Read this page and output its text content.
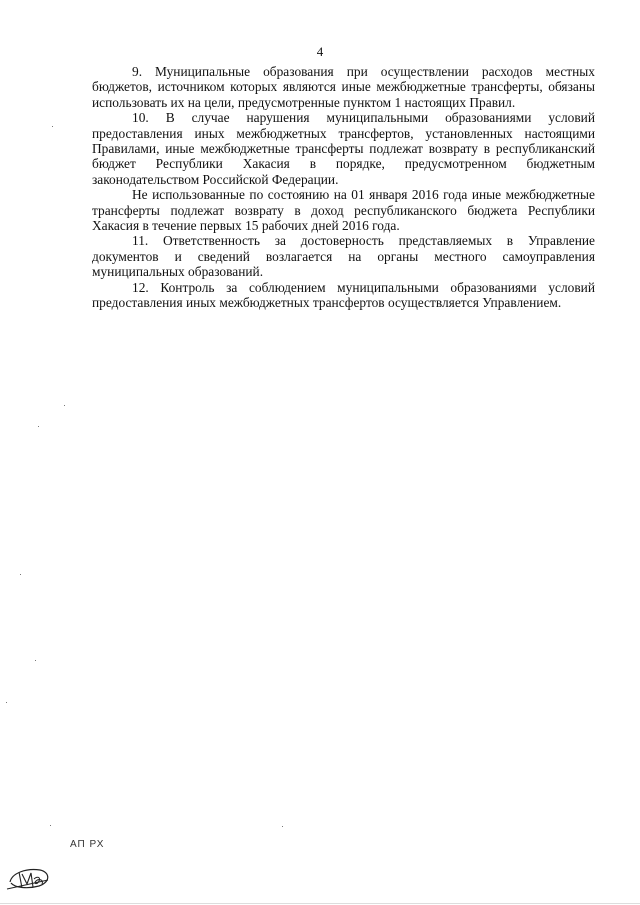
4

9. Муниципальные образования при осуществлении расходов местных бюджетов, источником которых являются иные межбюджетные трансферты, обязаны использовать их на цели, предусмотренные пунктом 1 настоящих Правил.

10. В случае нарушения муниципальными образованиями условий предоставления иных межбюджетных трансфертов, установленных настоящими Правилами, иные межбюджетные трансферты подлежат возврату в республиканский бюджет Республики Хакасия в порядке, предусмотренном бюджетным законодательством Российской Федерации.

Не использованные по состоянию на 01 января 2016 года иные межбюджетные трансферты подлежат возврату в доход республиканского бюджета Республики Хакасия в течение первых 15 рабочих дней 2016 года.

11. Ответственность за достоверность представляемых в Управление документов и сведений возлагается на органы местного самоуправления муниципальных образований.

12. Контроль за соблюдением муниципальными образованиями условий предоставления иных межбюджетных трансфертов осуществляется Управлением.

АП РХ
